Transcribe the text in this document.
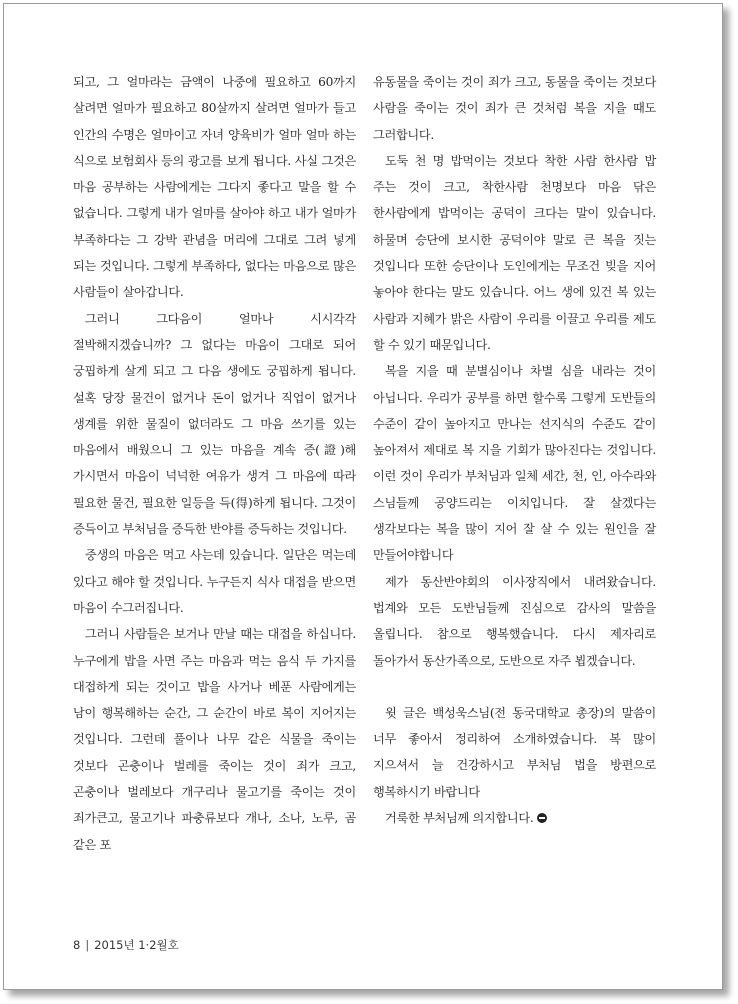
되고, 그 얼마라는 금액이 나중에 필요하고 60까지 살려면 얼마가 필요하고 80살까지 살려면 얼마가 들고 인간의 수명은 얼마이고 자녀 양육비가 얼마 얼마 하는 식으로 보험회사 등의 광고를 보게 됩니다. 사실 그것은 마음 공부하는 사람에게는 그다지 좋다고 말을 할 수 없습니다. 그렇게 내가 얼마를 살아야 하고 내가 얼마가 부족하다는 그 강박 관념을 머리에 그대로 그려 넣게 되는 것입니다. 그렇게 부족하다, 없다는 마음으로 많은 사람들이 살아갑니다.

그러니 그다음이 얼마나 시시각각 절박해지겠습니까? 그 없다는 마음이 그대로 되어 궁핍하게 살게 되고 그 다음 생에도 궁핍하게 됩니다. 설혹 당장 물건이 없거나 돈이 없거나 직업이 없거나 생계를 위한 물질이 없더라도 그 마음 쓰기를 있는 마음에서 배웠으니 그 있는 마음을 계속 증(證)해 가시면서 마음이 넉넉한 여유가 생겨 그 마음에 따라 필요한 물건, 필요한 일등을 득(得)하게 됩니다. 그것이 증득이고 부처님을 증득한 반야를 증득하는 것입니다.

중생의 마음은 먹고 사는데 있습니다. 일단은 먹는데 있다고 해야 할 것입니다. 누구든지 식사 대접을 받으면 마음이 수그러집니다.

그러니 사람들은 보거나 만날 때는 대접을 하십니다. 누구에게 밥을 사면 주는 마음과 먹는 음식 두 가지를 대접하게 되는 것이고 밥을 사거나 베푼 사람에게는 남이 행복해하는 순간, 그 순간이 바로 복이 지어지는 것입니다. 그런데 풀이나 나무 같은 식물을 죽이는 것보다 곤충이나 벌레를 죽이는 것이 죄가 크고, 곤충이나 벌레보다 개구리나 물고기를 죽이는 것이 죄가큰고, 물고기나 파충류보다 개나, 소나, 노루, 곰 같은 포

유동물을 죽이는 것이 죄가 크고, 동물을 죽이는 것보다 사람을 죽이는 것이 죄가 큰 것처럼 복을 지을 때도 그러합니다.

도둑 천 명 밥먹이는 것보다 착한 사람 한사람 밥 주는 것이 크고, 착한사람 천명보다 마음 닦은 한사람에게 밥먹이는 공덕이 크다는 말이 있습니다. 하물며 승단에 보시한 공덕이야 말로 큰 복을 짓는 것입니다 또한 승단이나 도인에게는 무조건 빚을 지어 놓아야 한다는 말도 있습니다. 어느 생에 있건 복 있는 사람과 지혜가 밝은 사람이 우리를 이끌고 우리를 제도 할 수 있기 때문입니다.

복을 지을 때 분별심이나 차별 심을 내라는 것이 아닙니다. 우리가 공부를 하면 할수록 그렇게 도반들의 수준이 같이 높아지고 만나는 선지식의 수준도 같이 높아져서 제대로 복 지을 기회가 많아진다는 것입니다. 이런 것이 우리가 부처님과 일체 세간, 천, 인, 아수라와 스님들께 공양드리는 이치입니다. 잘 살겠다는 생각보다는 복을 많이 지어 잘 살 수 있는 원인을 잘 만들어야합니다

제가 동산반야회의 이사장직에서 내려왔습니다. 법계와 모든 도반님들께 진심으로 감사의 말씀을 올립니다. 참으로 행복했습니다. 다시 제자리로 돌아가서 동산가족으로, 도반으로 자주 뵙겠습니다.

윗 글은 백성욱스님(전 동국대학교 총장)의 말씀이 너무 좋아서 정리하여 소개하였습니다. 복 많이 지으셔서 늘 건강하시고 부처님 법을 방편으로 행복하시기 바랍니다

거룩한 부처님께 의지합니다.

8 | 2015년 1·2월호
